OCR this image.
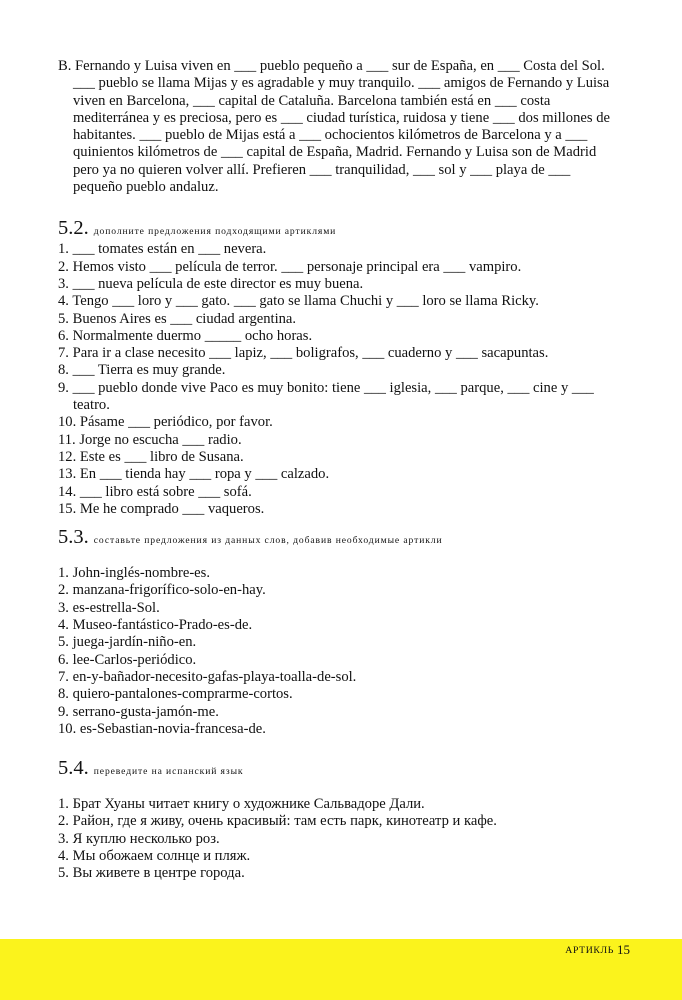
B. Fernando y Luisa viven en ___ pueblo pequeño a ___ sur de España, en ___ Costa del Sol. ___ pueblo se llama Mijas y es agradable y muy tranquilo. ___ amigos de Fernando y Luisa viven en Barcelona, ___ capital de Cataluña. Barcelona también está en ___ costa mediterránea y es preciosa, pero es ___ ciudad turística, ruidosa y tiene ___ dos millones de habitantes. ___ pueblo de Mijas está a ___ ochocientos kilómetros de Barcelona y a ___ quinientos kilómetros de ___ capital de España, Madrid. Fernando y Luisa son de Madrid pero ya no quieren volver allí. Prefieren ___ tranquilidad, ___ sol y ___ playa de ___ pequeño pueblo andaluz.

5.2. дополните предложения подходящими артиклями
1. ___ tomates están en ___ nevera.
2. Hemos visto ___ película de terror. ___ personaje principal era ___ vampiro.
3. ___ nueva película de este director es muy buena.
4. Tengo ___ loro y ___ gato. ___ gato se llama Chuchi y ___ loro se llama Ricky.
5. Buenos Aires es ___ ciudad argentina.
6. Normalmente duermo _____ ocho horas.
7. Para ir a clase necesito ___ lapiz, ___ boligrafos, ___ cuaderno y ___ sacapuntas.
8. ___ Tierra es muy grande.
9. ___ pueblo donde vive Paco es muy bonito: tiene ___ iglesia, ___ parque, ___ cine y ___ teatro.
10. Pásame ___ periódico, por favor.
11. Jorge no escucha ___ radio.
12. Este es ___ libro de Susana.
13. En ___ tienda hay ___ ropa y ___ calzado.
14. ___ libro está sobre ___ sofá.
15. Me he comprado ___ vaqueros.
5.3. составьте предложения из данных слов, добавив необходимые артикли
1. John-inglés-nombre-es.
2. manzana-frigorífico-solo-en-hay.
3. es-estrella-Sol.
4. Museo-fantástico-Prado-es-de.
5. juega-jardín-niño-en.
6. lee-Carlos-periódico.
7. en-y-bañador-necesito-gafas-playa-toalla-de-sol.
8. quiero-pantalones-comprarme-cortos.
9. serrano-gusta-jamón-me.
10. es-Sebastian-novia-francesa-de.
5.4. переведите на испанский язык
1. Брат Хуаны читает книгу о художнике Сальвадоре Дали.
2. Район, где я живу, очень красивый: там есть парк, кинотеатр и кафе.
3. Я куплю несколько роз.
4. Мы обожаем солнце и пляж.
5. Вы живете в центре города.
АРТИКЛЬ 15
